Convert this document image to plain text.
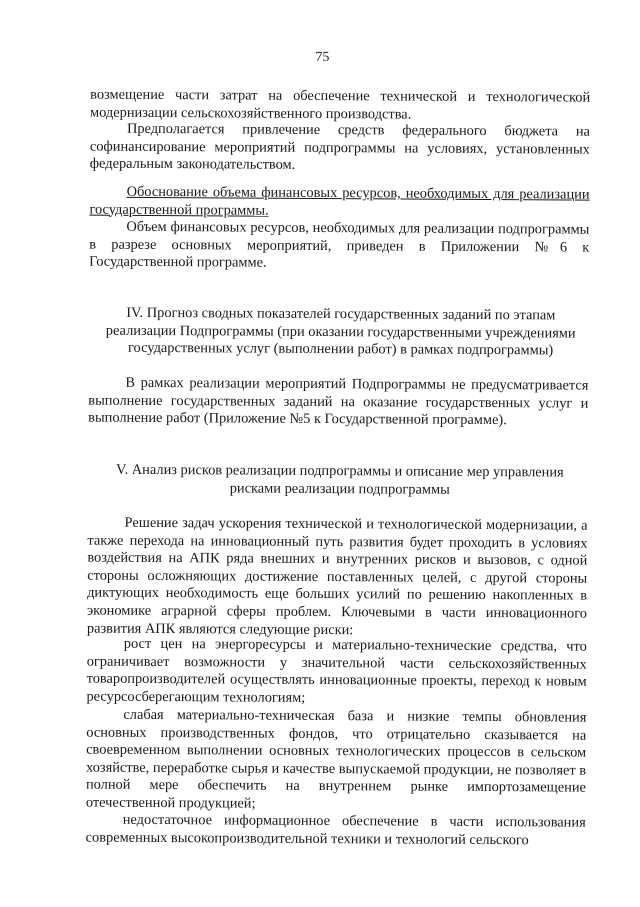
75

возмещение части затрат на обеспечение технической и технологической модернизации сельскохозяйственного производства.

Предполагается привлечение средств федерального бюджета на софинансирование мероприятий подпрограммы на условиях, установленных федеральным законодательством.

Обоснование объема финансовых ресурсов, необходимых для реализации государственной программы.

Объем финансовых ресурсов, необходимых для реализации подпрограммы в разрезе основных мероприятий, приведен в Приложении №6 к Государственной программе.

IV. Прогноз сводных показателей государственных заданий по этапам реализации Подпрограммы (при оказании государственными учреждениями государственных услуг (выполнении работ) в рамках подпрограммы)

В рамках реализации мероприятий Подпрограммы не предусматривается выполнение государственных заданий на оказание государственных услуг и выполнение работ (Приложение №5 к Государственной программе).

V. Анализ рисков реализации подпрограммы и описание мер управления рисками реализации подпрограммы

Решение задач ускорения технической и технологической модернизации, а также перехода на инновационный путь развития будет проходить в условиях воздействия на АПК ряда внешних и внутренних рисков и вызовов, с одной стороны осложняющих достижение поставленных целей, с другой стороны диктующих необходимость еще больших усилий по решению накопленных в экономике аграрной сферы проблем. Ключевыми в части инновационного развития АПК являются следующие риски:

рост цен на энергоресурсы и материально-технические средства, что ограничивает возможности у значительной части сельскохозяйственных товаропроизводителей осуществлять инновационные проекты, переход к новым ресурсосберегающим технологиям;

слабая материально-техническая база и низкие темпы обновления основных производственных фондов, что отрицательно сказывается на своевременном выполнении основных технологических процессов в сельском хозяйстве, переработке сырья и качестве выпускаемой продукции, не позволяет в полной мере обеспечить на внутреннем рынке импортозамещение отечественной продукцией;

недостаточное информационное обеспечение в части использования современных высокопроизводительной техники и технологий сельского
